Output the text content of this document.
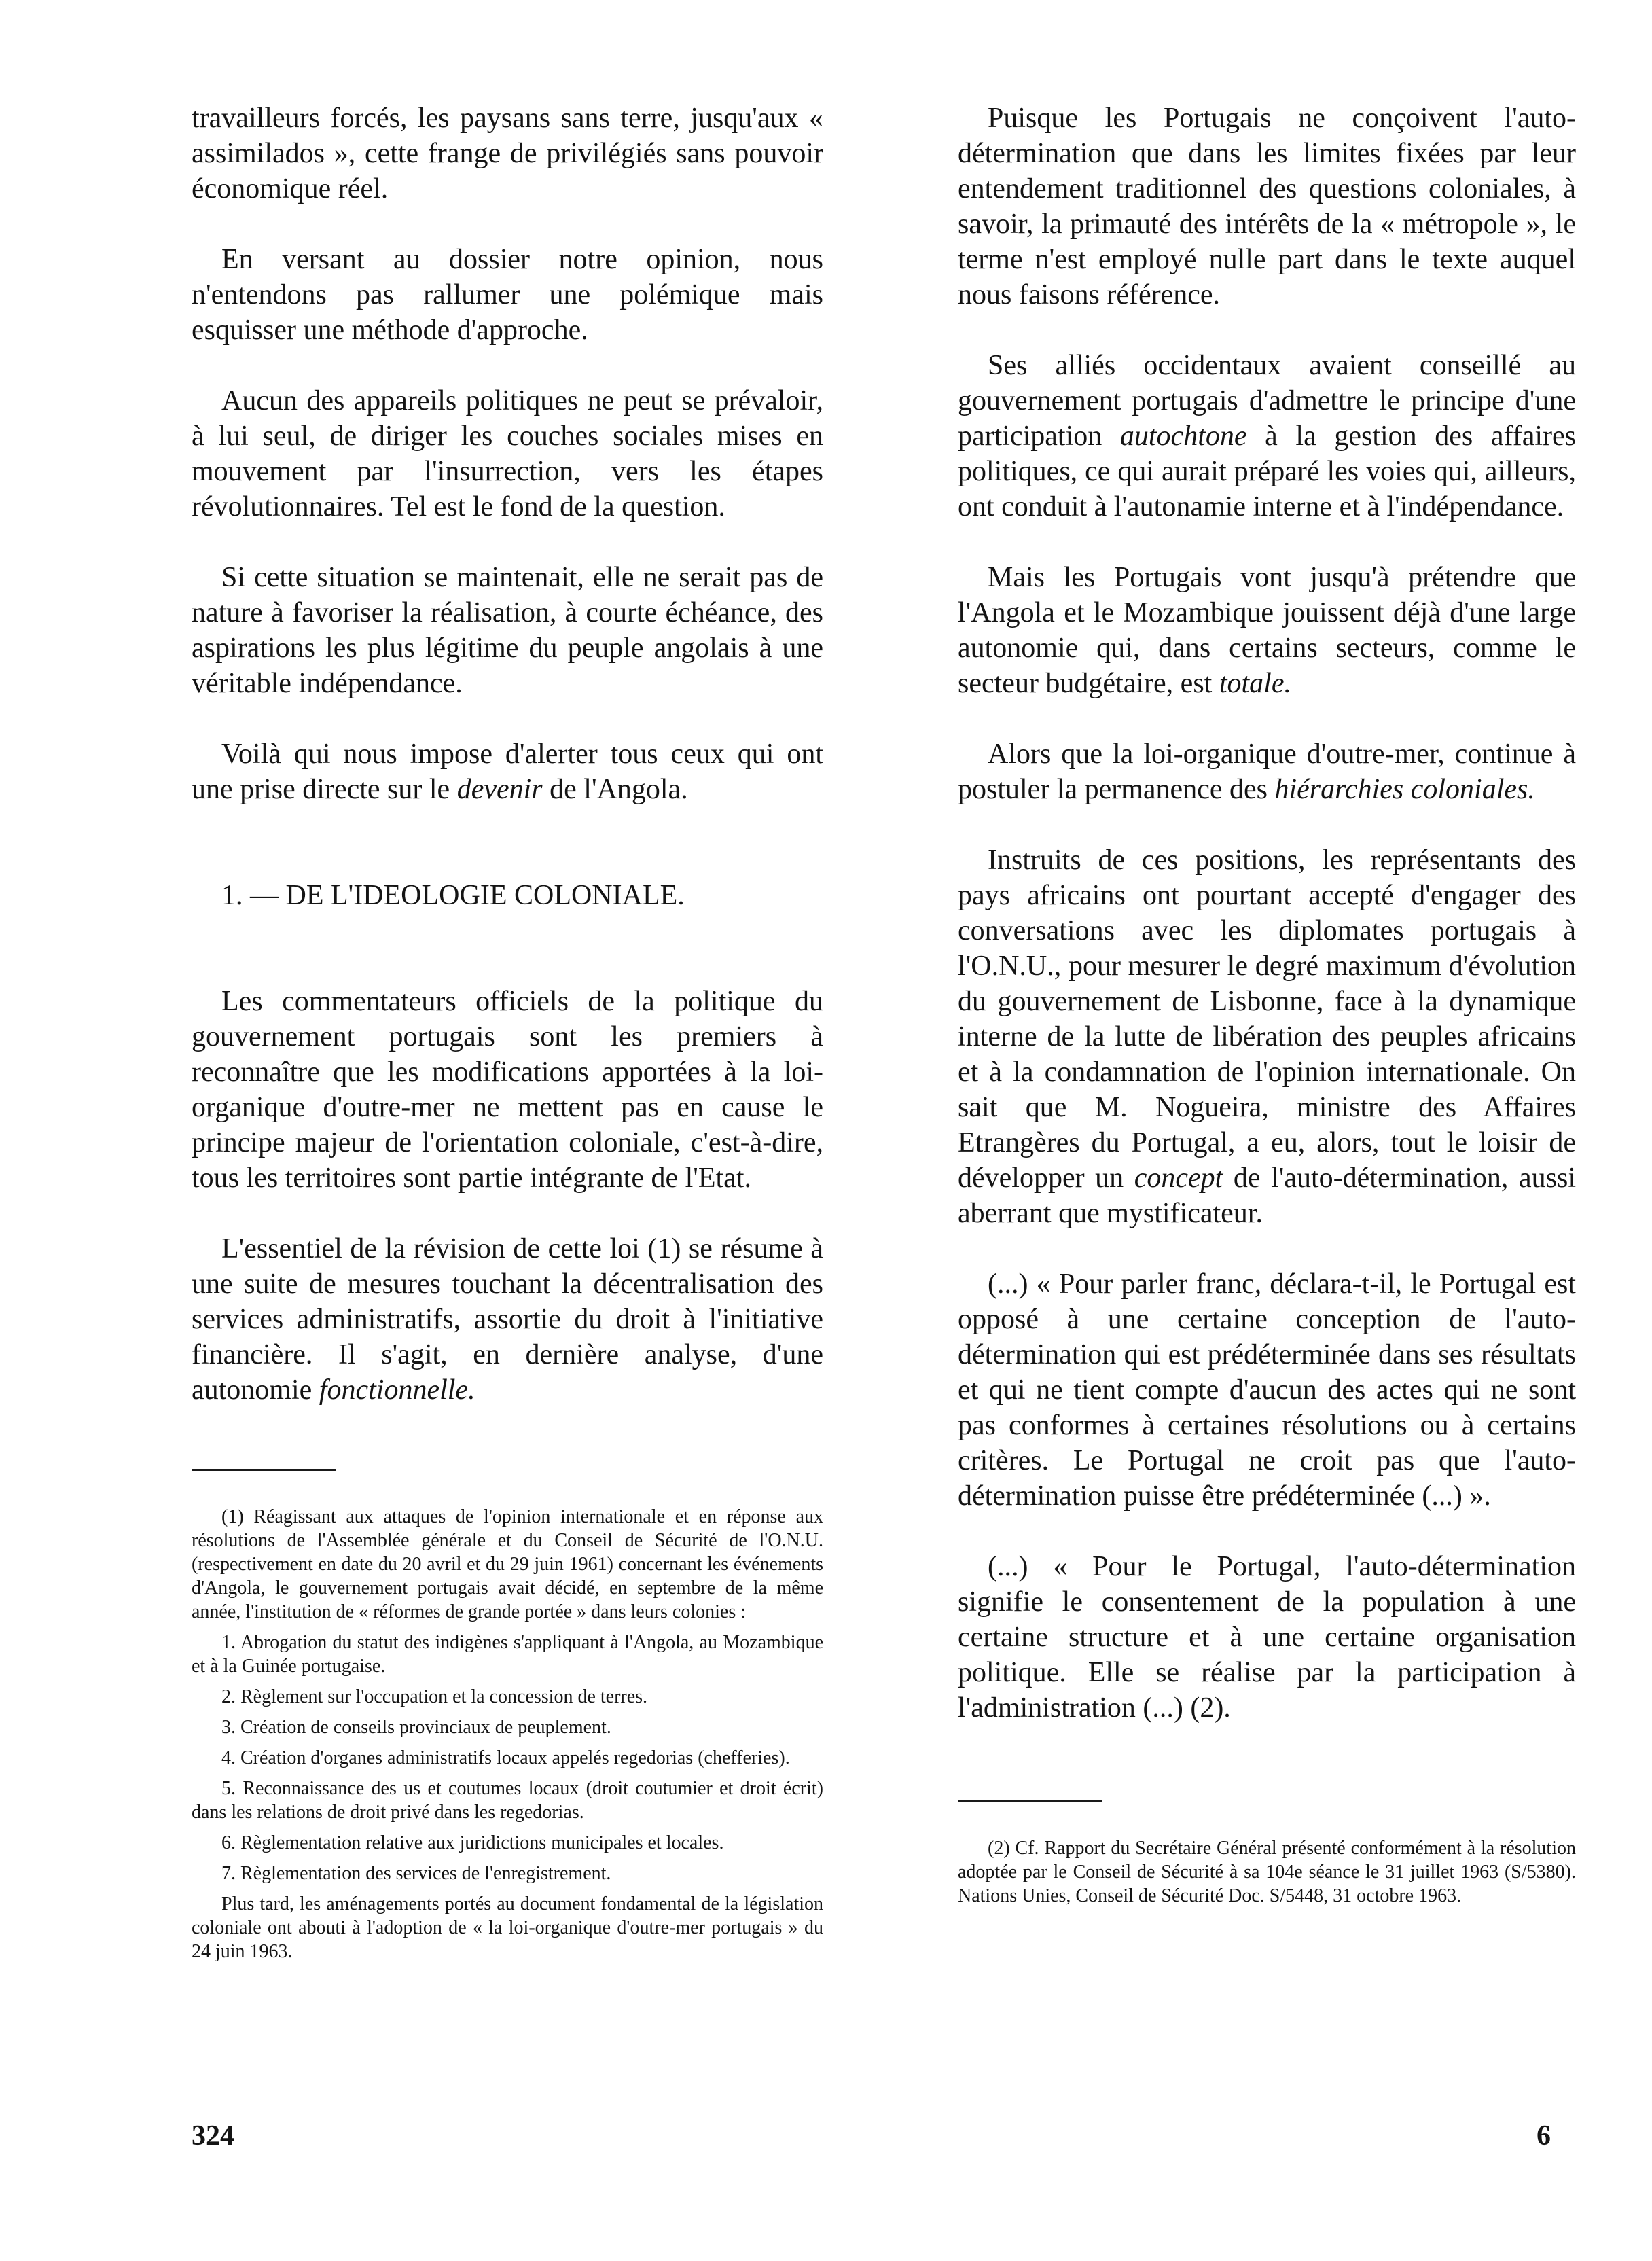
travailleurs forcés, les paysans sans terre, jusqu'aux « assimilados », cette frange de privilégiés sans pouvoir économique réel.

En versant au dossier notre opinion, nous n'entendons pas rallumer une polémique mais esquisser une méthode d'approche.

Aucun des appareils politiques ne peut se prévaloir, à lui seul, de diriger les couches sociales mises en mouvement par l'insurrection, vers les étapes révolutionnaires. Tel est le fond de la question.

Si cette situation se maintenait, elle ne serait pas de nature à favoriser la réalisation, à courte échéance, des aspirations les plus légitime du peuple angolais à une véritable indépendance.

Voilà qui nous impose d'alerter tous ceux qui ont une prise directe sur le devenir de l'Angola.

1. — DE L'IDEOLOGIE COLONIALE.

Les commentateurs officiels de la politique du gouvernement portugais sont les premiers à reconnaître que les modifications apportées à la loi-organique d'outre-mer ne mettent pas en cause le principe majeur de l'orientation coloniale, c'est-à-dire, tous les territoires sont partie intégrante de l'Etat.

L'essentiel de la révision de cette loi (1) se résume à une suite de mesures touchant la décentralisation des services administratifs, assortie du droit à l'initiative financière. Il s'agit, en dernière analyse, d'une autonomie fonctionnelle.

(1) Réagissant aux attaques de l'opinion internationale et en réponse aux résolutions de l'Assemblée générale et du Conseil de Sécurité de l'O.N.U. (respectivement en date du 20 avril et du 29 juin 1961) concernant les événements d'Angola, le gouvernement portugais avait décidé, en septembre de la même année, l'institution de « réformes de grande portée » dans leurs colonies :

1. Abrogation du statut des indigènes s'appliquant à l'Angola, au Mozambique et à la Guinée portugaise.

2. Règlement sur l'occupation et la concession de terres.

3. Création de conseils provinciaux de peuplement.

4. Création d'organes administratifs locaux appelés regedorias (chefferies).

5. Reconnaissance des us et coutumes locaux (droit coutumier et droit écrit) dans les relations de droit privé dans les regedorias.

6. Règlementation relative aux juridictions municipales et locales.

7. Règlementation des services de l'enregistrement.

Plus tard, les aménagements portés au document fondamental de la législation coloniale ont abouti à l'adoption de « la loi-organique d'outre-mer portugais » du 24 juin 1963.

Puisque les Portugais ne conçoivent l'auto-détermination que dans les limites fixées par leur entendement traditionnel des questions coloniales, à savoir, la primauté des intérêts de la « métropole », le terme n'est employé nulle part dans le texte auquel nous faisons référence.

Ses alliés occidentaux avaient conseillé au gouvernement portugais d'admettre le principe d'une participation autochtone à la gestion des affaires politiques, ce qui aurait préparé les voies qui, ailleurs, ont conduit à l'autonamie interne et à l'indépendance.

Mais les Portugais vont jusqu'à prétendre que l'Angola et le Mozambique jouissent déjà d'une large autonomie qui, dans certains secteurs, comme le secteur budgétaire, est totale.

Alors que la loi-organique d'outre-mer, continue à postuler la permanence des hiérarchies coloniales.

Instruits de ces positions, les représentants des pays africains ont pourtant accepté d'engager des conversations avec les diplomates portugais à l'O.N.U., pour mesurer le degré maximum d'évolution du gouvernement de Lisbonne, face à la dynamique interne de la lutte de libération des peuples africains et à la condamnation de l'opinion internationale. On sait que M. Nogueira, ministre des Affaires Etrangères du Portugal, a eu, alors, tout le loisir de développer un concept de l'auto-détermination, aussi aberrant que mystificateur.

(...) « Pour parler franc, déclara-t-il, le Portugal est opposé à une certaine conception de l'auto-détermination qui est prédéterminée dans ses résultats et qui ne tient compte d'aucun des actes qui ne sont pas conformes à certaines résolutions ou à certains critères. Le Portugal ne croit pas que l'auto-détermination puisse être prédéterminée (...) ».

(...) « Pour le Portugal, l'auto-détermination signifie le consentement de la population à une certaine structure et à une certaine organisation politique. Elle se réalise par la participation à l'administration (...) (2).

(2) Cf. Rapport du Secrétaire Général présenté conformément à la résolution adoptée par le Conseil de Sécurité à sa 104e séance le 31 juillet 1963 (S/5380). Nations Unies, Conseil de Sécurité Doc. S/5448, 31 octobre 1963.

324	6
